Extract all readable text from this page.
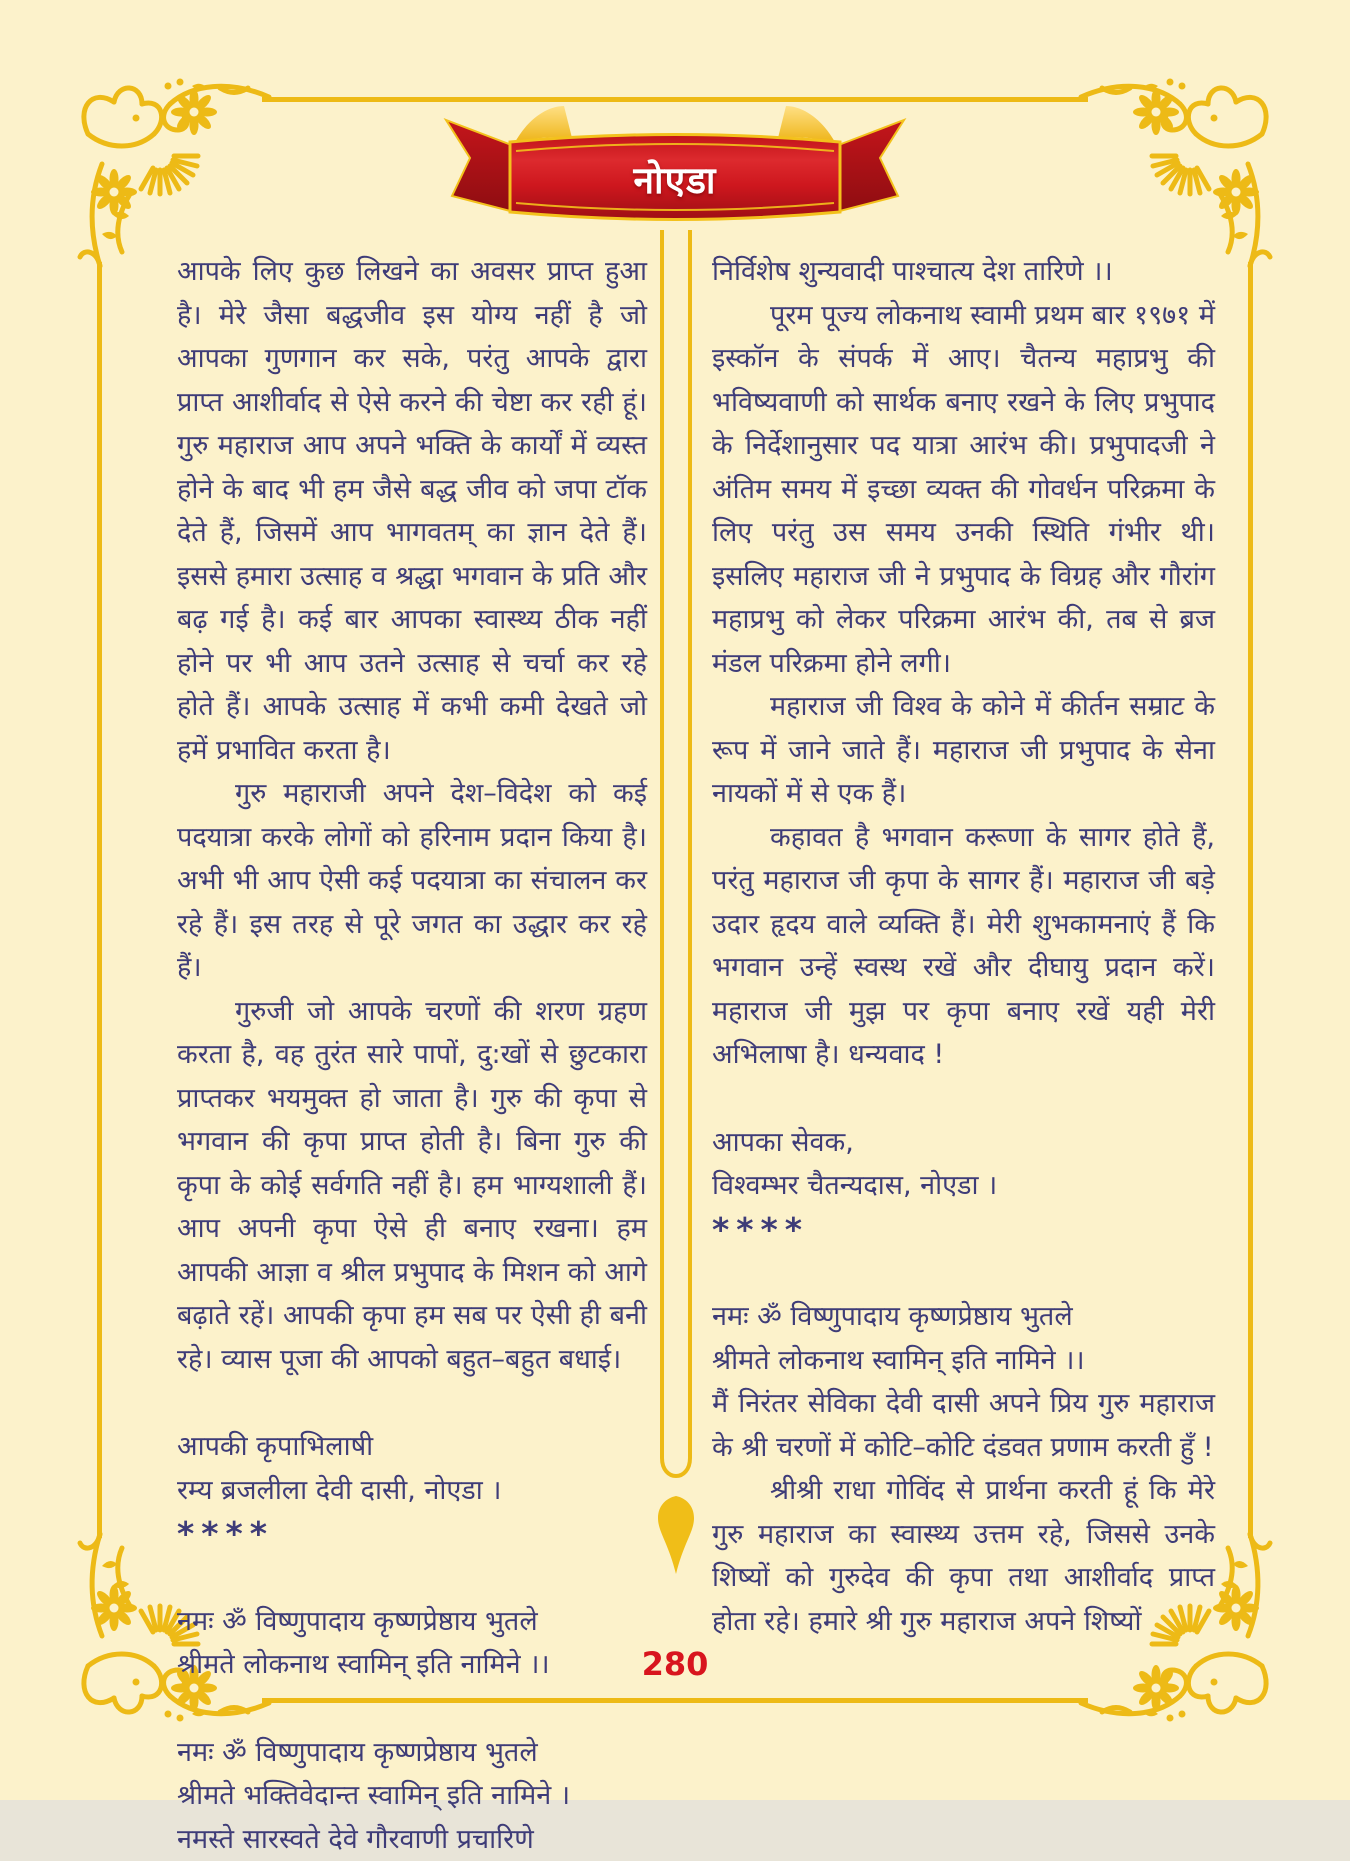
नोएडा

आपके लिए कुछ लिखने का अवसर प्राप्त हुआ है। मेरे जैसा बद्धजीव इस योग्य नहीं है जो आपका गुणगान कर सके, परंतु आपके द्वारा प्राप्त आशीर्वाद से ऐसे करने की चेष्टा कर रही हूं। गुरु महाराज आप अपने भक्ति के कार्यों में व्यस्त होने के बाद भी हम जैसे बद्ध जीव को जपा टॉक देते हैं, जिसमें आप भागवतम् का ज्ञान देते हैं। इससे हमारा उत्साह व श्रद्धा भगवान के प्रति और बढ़ गई है। कई बार आपका स्वास्थ्य ठीक नहीं होने पर भी आप उतने उत्साह से चर्चा कर रहे होते हैं। आपके उत्साह में कभी कमी देखते जो हमें प्रभावित करता है।

गुरु महाराजी अपने देश–विदेश को कई पदयात्रा करके लोगों को हरिनाम प्रदान किया है। अभी भी आप ऐसी कई पदयात्रा का संचालन कर रहे हैं। इस तरह से पूरे जगत का उद्धार कर रहे हैं।

गुरुजी जो आपके चरणों की शरण ग्रहण करता है, वह तुरंत सारे पापों, दु:खों से छुटकारा प्राप्तकर भयमुक्त हो जाता है। गुरु की कृपा से भगवान की कृपा प्राप्त होती है। बिना गुरु की कृपा के कोई सर्वगति नहीं है। हम भाग्यशाली हैं। आप अपनी कृपा ऐसे ही बनाए रखना। हम आपकी आज्ञा व श्रील प्रभुपाद के मिशन को आगे बढ़ाते रहें। आपकी कृपा हम सब पर ऐसी ही बनी रहे। व्यास पूजा की आपको बहुत–बहुत बधाई।

आपकी कृपाभिलाषी

रम्य ब्रजलीला देवी दासी, नोएडा ।

****

नमः ॐ विष्णुपादाय कृष्णप्रेष्ठाय भुतले

श्रीमते लोकनाथ स्वामिन् इति नामिने ।।

नमः ॐ विष्णुपादाय कृष्णप्रेष्ठाय भुतले

श्रीमते भक्तिवेदान्त स्वामिन् इति नामिने ।

नमस्ते सारस्वते देवे गौरवाणी प्रचारिणे

निर्विशेष शुन्यवादी पाश्चात्य देश तारिणे ।।

पूरम पूज्य लोकनाथ स्वामी प्रथम बार १९७१ में इस्कॉन के संपर्क में आए। चैतन्य महाप्रभु की भविष्यवाणी को सार्थक बनाए रखने के लिए प्रभुपाद के निर्देशानुसार पद यात्रा आरंभ की। प्रभुपादजी ने अंतिम समय में इच्छा व्यक्त की गोवर्धन परिक्रमा के लिए परंतु उस समय उनकी स्थिति गंभीर थी। इसलिए महाराज जी ने प्रभुपाद के विग्रह और गौरांग महाप्रभु को लेकर परिक्रमा आरंभ की, तब से ब्रज मंडल परिक्रमा होने लगी।

महाराज जी विश्व के कोने में कीर्तन सम्राट के रूप में जाने जाते हैं। महाराज जी प्रभुपाद के सेना नायकों में से एक हैं।

कहावत है भगवान करूणा के सागर होते हैं, परंतु महाराज जी कृपा के सागर हैं। महाराज जी बड़े उदार हृदय वाले व्यक्ति हैं। मेरी शुभकामनाएं हैं कि भगवान उन्हें स्वस्थ रखें और दीघायु प्रदान करें। महाराज जी मुझ पर कृपा बनाए रखें यही मेरी अभिलाषा है। धन्यवाद !

आपका सेवक,

विश्वम्भर चैतन्यदास, नोएडा ।

****

नमः ॐ विष्णुपादाय कृष्णप्रेष्ठाय भुतले

श्रीमते लोकनाथ स्वामिन् इति नामिने ।।

मैं निरंतर सेविका देवी दासी अपने प्रिय गुरु महाराज के श्री चरणों में कोटि–कोटि दंडवत प्रणाम करती हुँ !

श्रीश्री राधा गोविंद से प्रार्थना करती हूं कि मेरे गुरु महाराज का स्वास्थ्य उत्तम रहे, जिससे उनके शिष्यों को गुरुदेव की कृपा तथा आशीर्वाद प्राप्त होता रहे। हमारे श्री गुरु महाराज अपने शिष्यों

280
